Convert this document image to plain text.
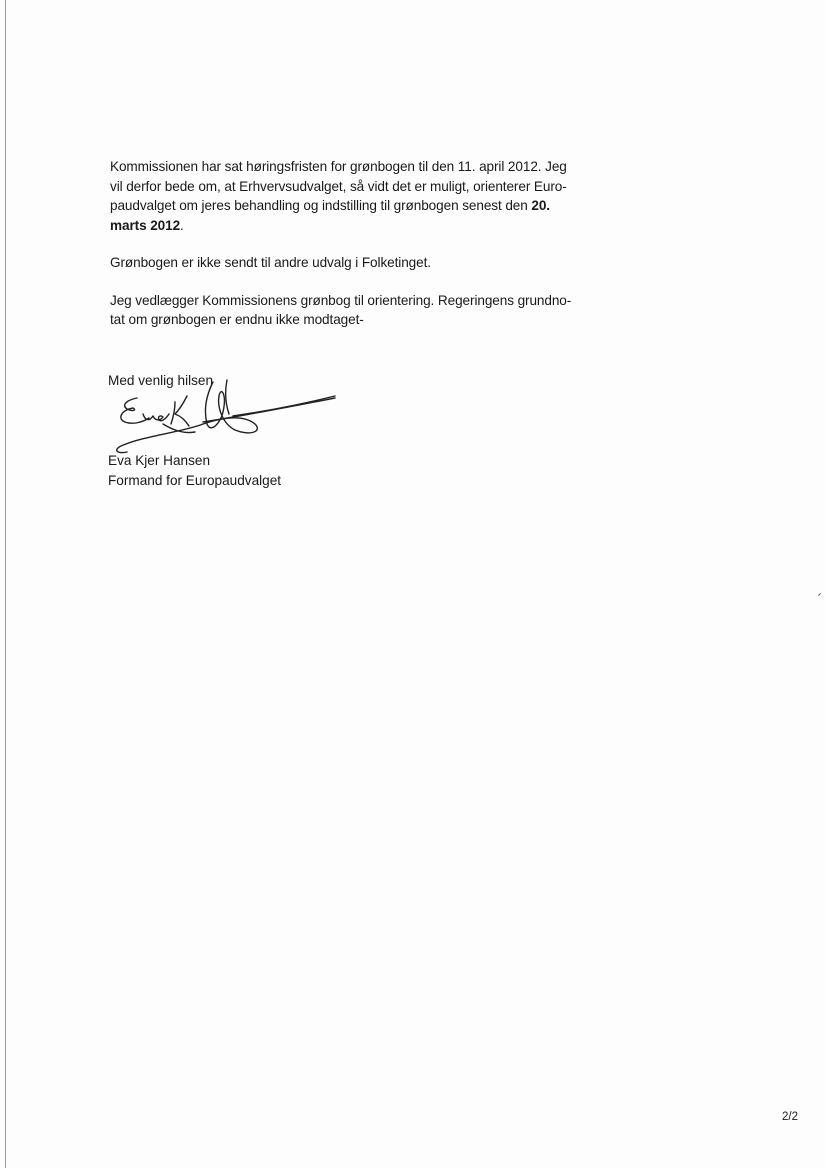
Kommissionen har sat høringsfristen for grønbogen til den 11. april 2012. Jeg
vil derfor bede om, at Erhvervsudvalget, så vidt det er muligt, orienterer Euro-
paudvalget om jeres behandling og indstilling til grønbogen senest den 20.
marts 2012.

Grønbogen er ikke sendt til andre udvalg i Folketinget.

Jeg vedlægger Kommissionens grønbog til orientering. Regeringens grundno-
tat om grønbogen er endnu ikke modtaget-

Med venlig hilsen
Eva Kjer Hansen
Formand for Europaudvalget
2/2
